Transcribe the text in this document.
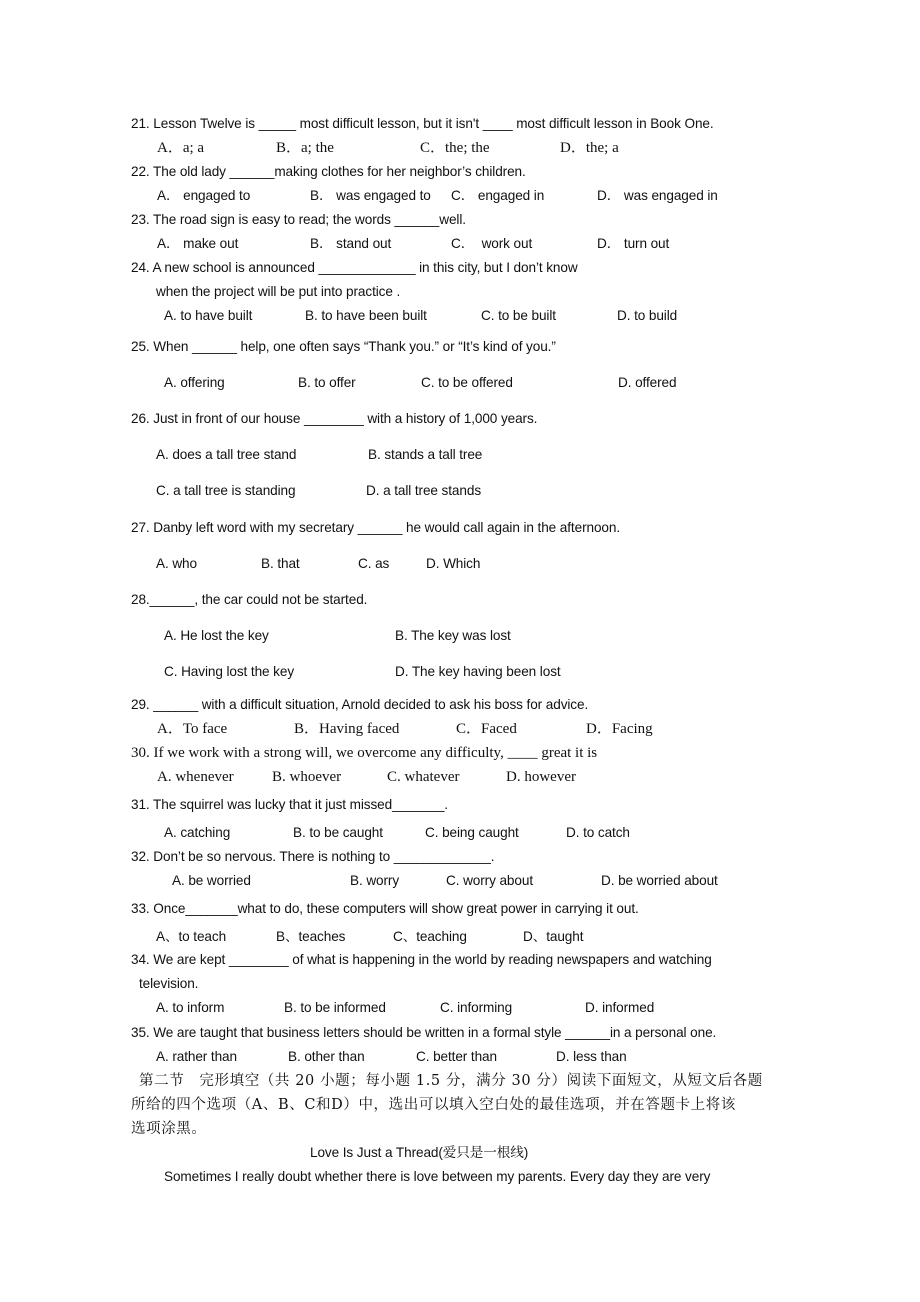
21. Lesson Twelve is _____ most difficult lesson, but it isn't ____ most difficult lesson in Book One.
A．a; a	B．a; the	C．the; the	D．the; a
22. The old lady ______making clothes for her neighbor’s children.
A． engaged to	B． was engaged to C． engaged in	D． was engaged in
23. The road sign is easy to read; the words ______well.
A． make out	B． stand out	C．  work out	D． turn out
24. A new school is announced _____________ in this city, but I don’t know
when the project will be put into practice .
A. to have built	B. to have been built	C. to be built	D. to build
25. When ______ help, one often says “Thank you.” or “It’s kind of you.”
A. offering	B. to offer	C. to be offered	D. offered
26. Just in front of our house ________ with a history of 1,000 years.
A. does a tall tree stand	B. stands a tall tree
C. a tall tree is standing	D. a tall tree stands
27. Danby left word with my secretary ______ he would call again in the afternoon.
A. who	B. that	C. as	D. Which
28.______, the car could not be started.
A. He lost the key	B. The key was lost
C. Having lost the key	D. The key having been lost
29. ______ with a difficult situation, Arnold decided to ask his boss for advice.
A．To face	B．Having faced	C．Faced	D．Facing
30. If we work with a strong will, we overcome any difficulty, ____ great it is
A. whenever	B. whoever	C. whatever	D. however
31. The squirrel was lucky that it just missed_______.
A. catching	B. to be caught	C. being caught	D. to catch
32. Don’t be so nervous. There is nothing to _____________.
A. be worried	B. worry	C. worry about	D. be worried about
33. Once_______what to do, these computers will show great power in carrying it out.
A、to teach	B、teaches	C、teaching	D、taught
34. We are kept ________ of what is happening in the world by reading newspapers and watching
television.
A. to inform	B. to be informed	C. informing	D. informed
35. We are taught that business letters should be written in a formal style ______in a personal one.
A. rather than	B. other than	C. better than	D. less than
第二节　完形填空（共 20 小题；每小题 1.5 分，满分 30 分）阅读下面短文，从短文后各题
所给的四个选项（A、B、C和D）中，选出可以填入空白处的最佳选项，并在答题卡上将该
选项涂黑。
Love Is Just a Thread(爱只是一根线)
Sometimes I really doubt whether there is love between my parents. Every day they are very
